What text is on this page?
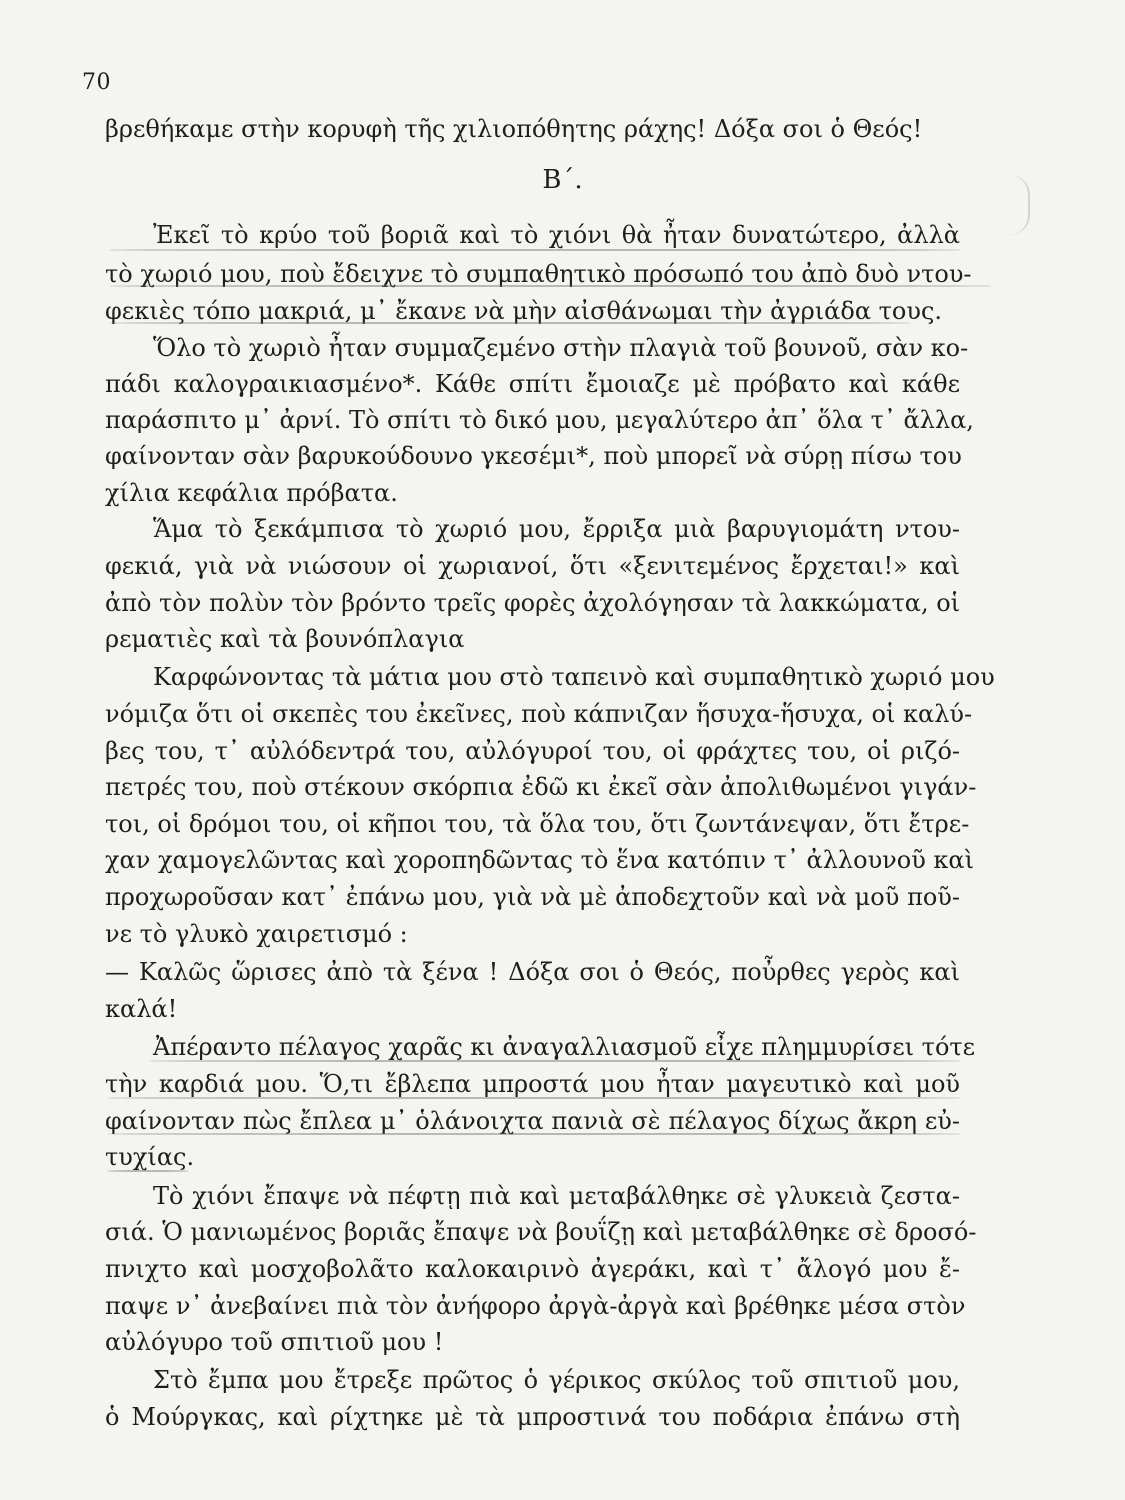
70
Β΄.
βρεθήκαμε στὴν κορυφὴ τῆς χιλιοπόθητης ράχης! Δόξα σοι ὁ Θεός!
Ἐκεῖ τὸ κρύο τοῦ βοριᾶ καὶ τὸ χιόνι θὰ ἦταν δυνατώτερο, ἀλλὰ
τὸ χωριό μου, ποὺ ἔδειχνε τὸ συμπαθητικὸ πρόσωπό του ἀπὸ δυὸ ντου-
φεκιὲς τόπο μακριά, μ᾿ ἔκανε νὰ μὴν αἰσθάνωμαι τὴν ἀγριάδα τους.
Ὅλο τὸ χωριὸ ἦταν συμμαζεμένο στὴν πλαγιὰ τοῦ βουνοῦ, σὰν κο-
πάδι καλογραικιασμένο*. Κάθε σπίτι ἔμοιαζε μὲ πρόβατο καὶ κάθε
παράσπιτο μ᾿ ἀρνί. Τὸ σπίτι τὸ δικό μου, μεγαλύτερο ἀπ᾿ ὅλα τ᾿ ἄλλα,
φαίνονταν σὰν βαρυκούδουνο γκεσέμι*, ποὺ μπορεῖ νὰ σύρῃ πίσω του
χίλια κεφάλια πρόβατα.
Ἅμα τὸ ξεκάμπισα τὸ χωριό μου, ἔρριξα μιὰ βαρυγιομάτη ντου-
φεκιά, γιὰ νὰ νιώσουν οἱ χωριανοί, ὅτι «ξενιτεμένος ἔρχεται!» καὶ
ἀπὸ τὸν πολὺν τὸν βρόντο τρεῖς φορὲς ἀχολόγησαν τὰ λακκώματα, οἱ
ρεματιὲς καὶ τὰ βουνόπλαγια
Καρφώνοντας τὰ μάτια μου στὸ ταπεινὸ καὶ συμπαθητικὸ χωριό μου
νόμιζα ὅτι οἱ σκεπὲς του ἐκεῖνες, ποὺ κάπνιζαν ἥσυχα-ἥσυχα, οἱ καλύ-
βες του, τ᾿ αὐλόδεντρά του, αὐλόγυροί του, οἱ φράχτες του, οἱ ριζό-
πετρές του, ποὺ στέκουν σκόρπια ἐδῶ κι ἐκεῖ σὰν ἀπολιθωμένοι γιγάν-
τοι, οἱ δρόμοι του, οἱ κῆποι του, τὰ ὅλα του, ὅτι ζωντάνεψαν, ὅτι ἔτρε-
χαν χαμογελῶντας καὶ χοροπηδῶντας τὸ ἕνα κατόπιν τ᾿ ἀλλουνοῦ καὶ
προχωροῦσαν κατ᾿ ἐπάνω μου, γιὰ νὰ μὲ ἀποδεχτοῦν καὶ νὰ μοῦ ποῦ-
νε τὸ γλυκὸ χαιρετισμό :
— Καλῶς ὥρισες ἀπὸ τὰ ξένα ! Δόξα σοι ὁ Θεός, ποὖρθες γερὸς καὶ
καλά!
Ἀπέραντο πέλαγος χαρᾶς κι ἀναγαλλιασμοῦ εἶχε πλημμυρίσει τότε
τὴν καρδιά μου. Ὅ,τι ἔβλεπα μπροστά μου ἦταν μαγευτικὸ καὶ μοῦ
φαίνονταν πὼς ἔπλεα μ᾿ ὁλάνοιχτα πανιὰ σὲ πέλαγος δίχως ἄκρη εὐ-
τυχίας.
Τὸ χιόνι ἔπαψε νὰ πέφτῃ πιὰ καὶ μεταβάλθηκε σὲ γλυκειὰ ζεστα-
σιά. Ὁ μανιωμένος βοριᾶς ἔπαψε νὰ βουΐζῃ καὶ μεταβάλθηκε σὲ δροσό-
πνιχτο καὶ μοσχοβολᾶτο καλοκαιρινὸ ἀγεράκι, καὶ τ᾿ ἄλογό μου ἔ-
παψε ν᾿ ἀνεβαίνει πιὰ τὸν ἀνήφορο ἀργὰ-ἀργὰ καὶ βρέθηκε μέσα στὸν
αὐλόγυρο τοῦ σπιτιοῦ μου !
Στὸ ἔμπα μου ἔτρεξε πρῶτος ὁ γέρικος σκύλος τοῦ σπιτιοῦ μου,
ὁ Μούργκας, καὶ ρίχτηκε μὲ τὰ μπροστινά του ποδάρια ἐπάνω στὴ
